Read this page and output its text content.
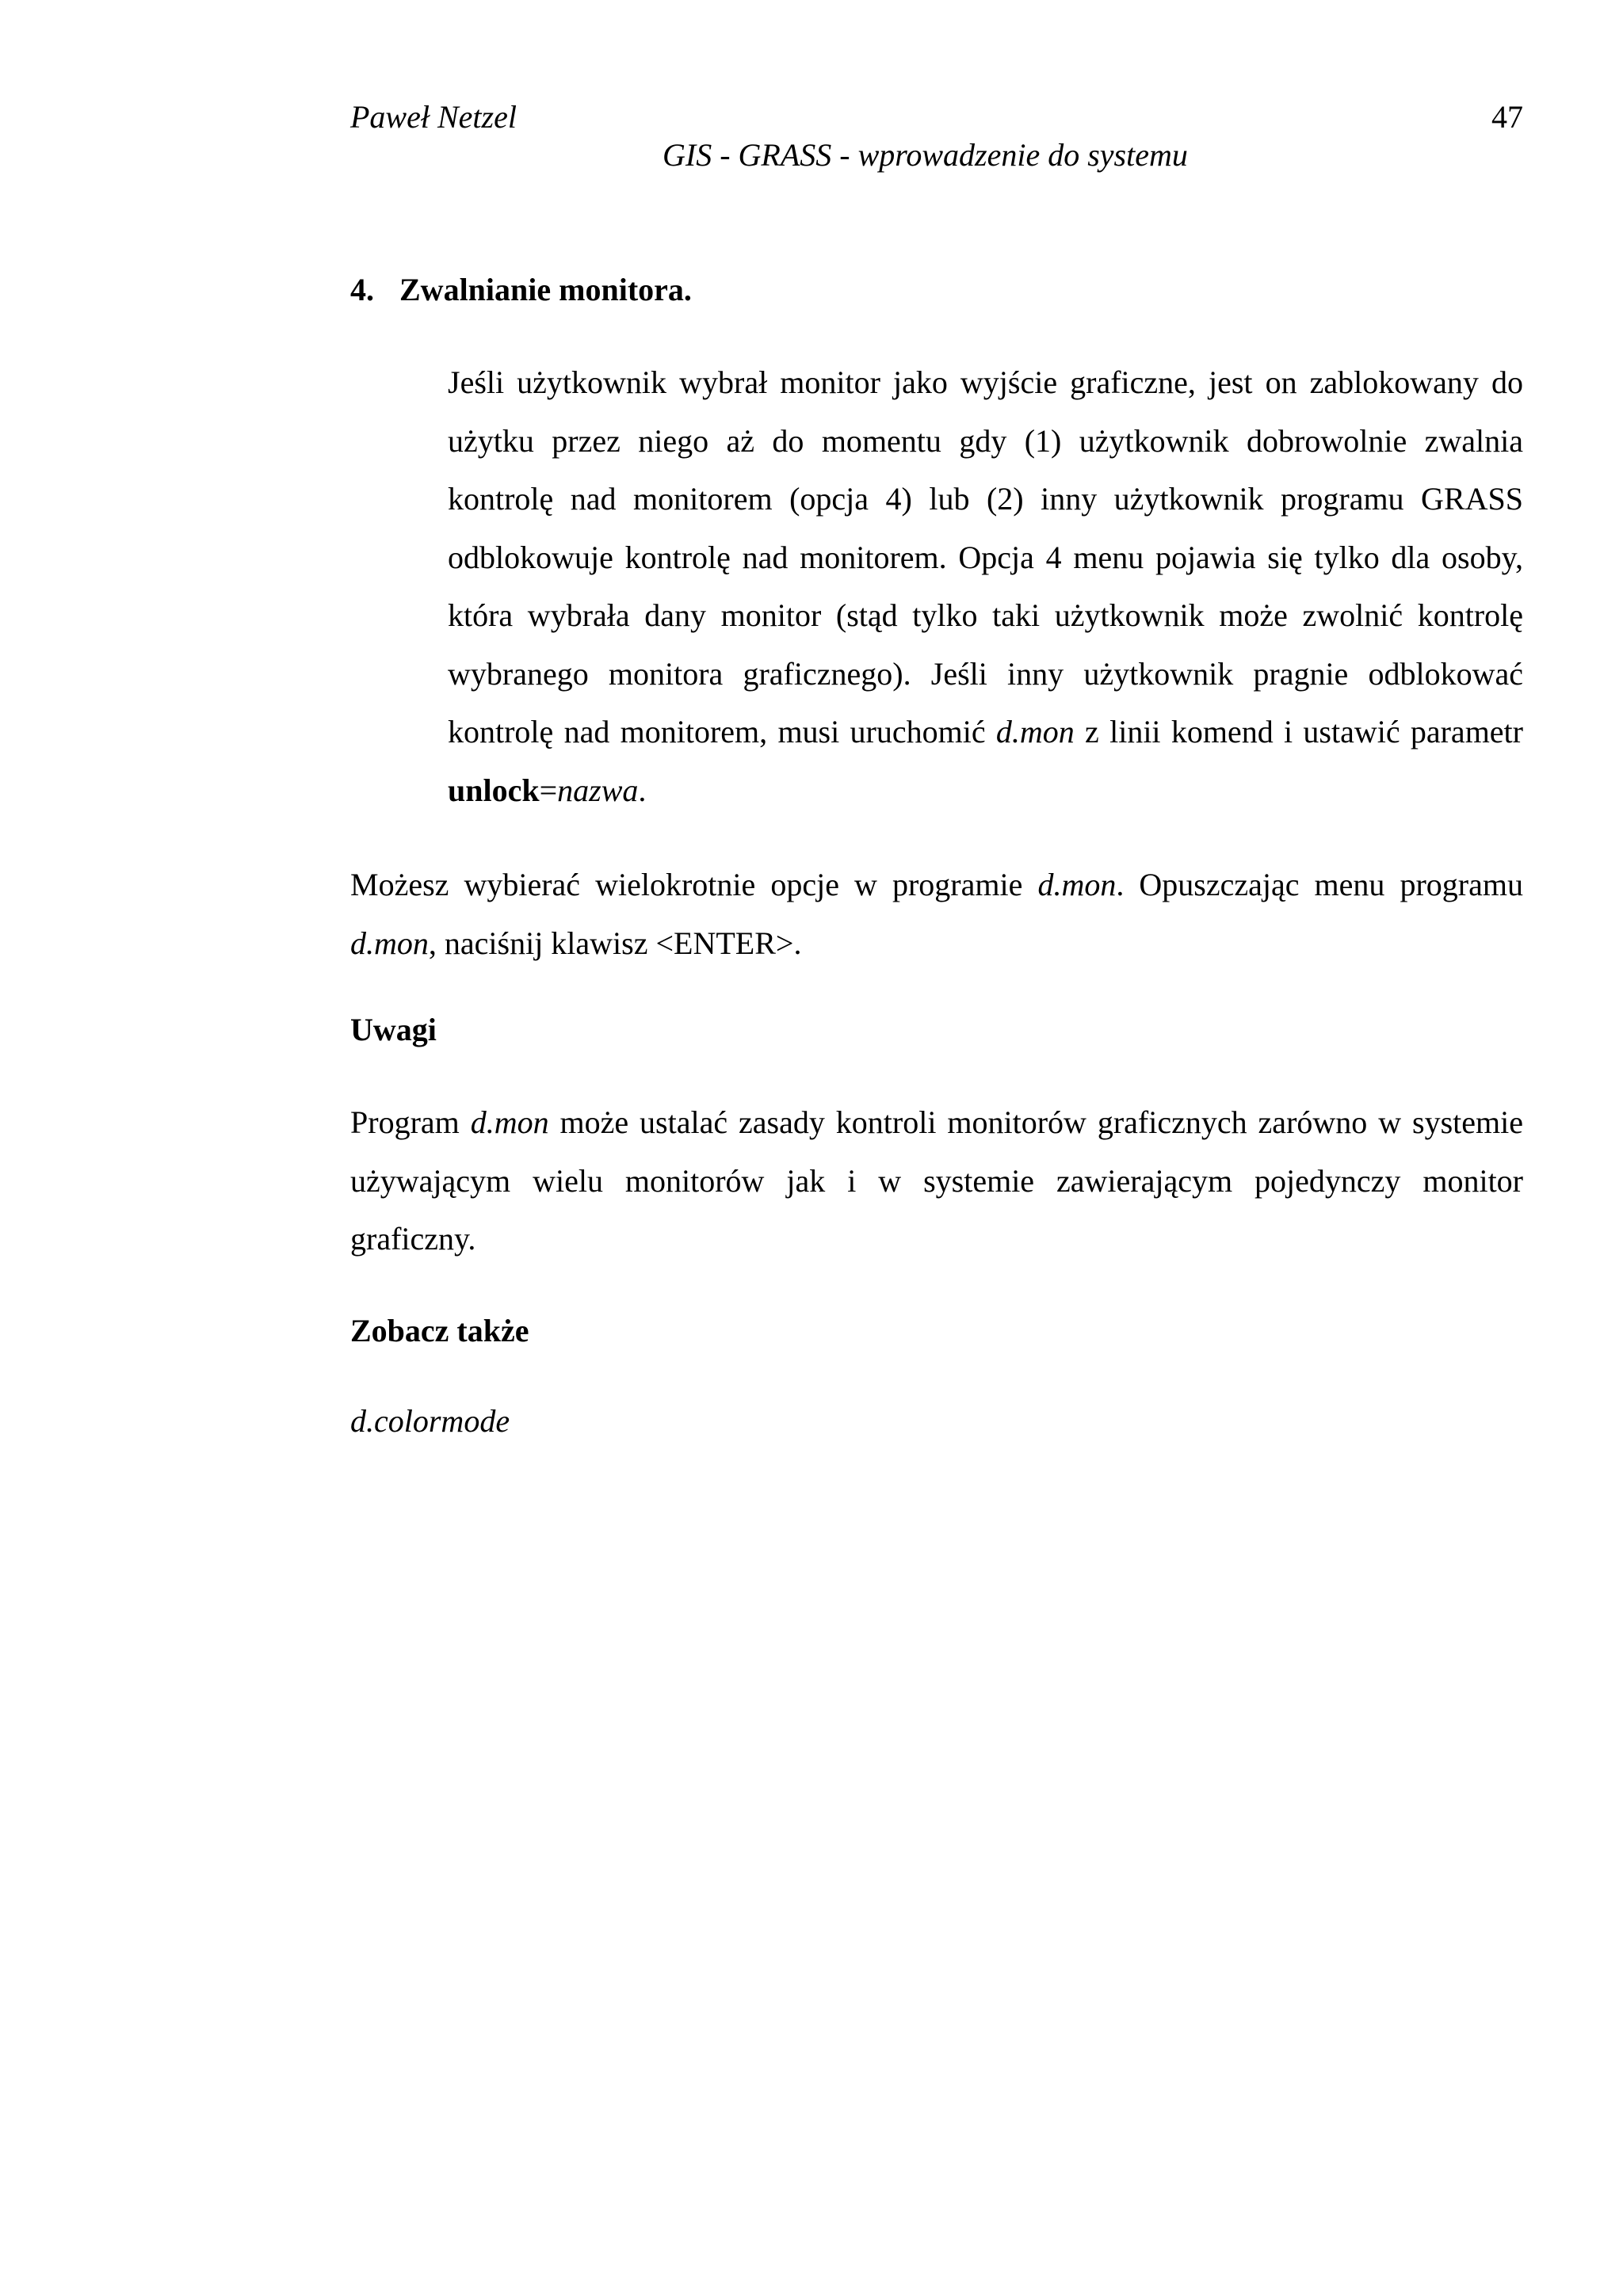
Paweł Netzel	47

GIS - GRASS - wprowadzenie do systemu

4. Zwalnianie monitora.

Jeśli użytkownik wybrał monitor jako wyjście graficzne, jest on zablokowany do użytku przez niego aż do momentu gdy (1) użytkownik dobrowolnie zwalnia kontrolę nad monitorem (opcja 4) lub (2) inny użytkownik programu GRASS odblokowuje kontrolę nad monitorem. Opcja 4 menu pojawia się tylko dla osoby, która wybrała dany monitor (stąd tylko taki użytkownik może zwolnić kontrolę wybranego monitora graficznego). Jeśli inny użytkownik pragnie odblokować kontrolę nad monitorem, musi uruchomić d.mon z linii komend i ustawić parametr unlock=nazwa.

Możesz wybierać wielokrotnie opcje w programie d.mon. Opuszczając menu programu d.mon, naciśnij klawisz <ENTER>.

Uwagi

Program d.mon może ustalać zasady kontroli monitorów graficznych zarówno w systemie używającym wielu monitorów jak i w systemie zawierającym pojedynczy monitor graficzny.

Zobacz także

d.colormode
